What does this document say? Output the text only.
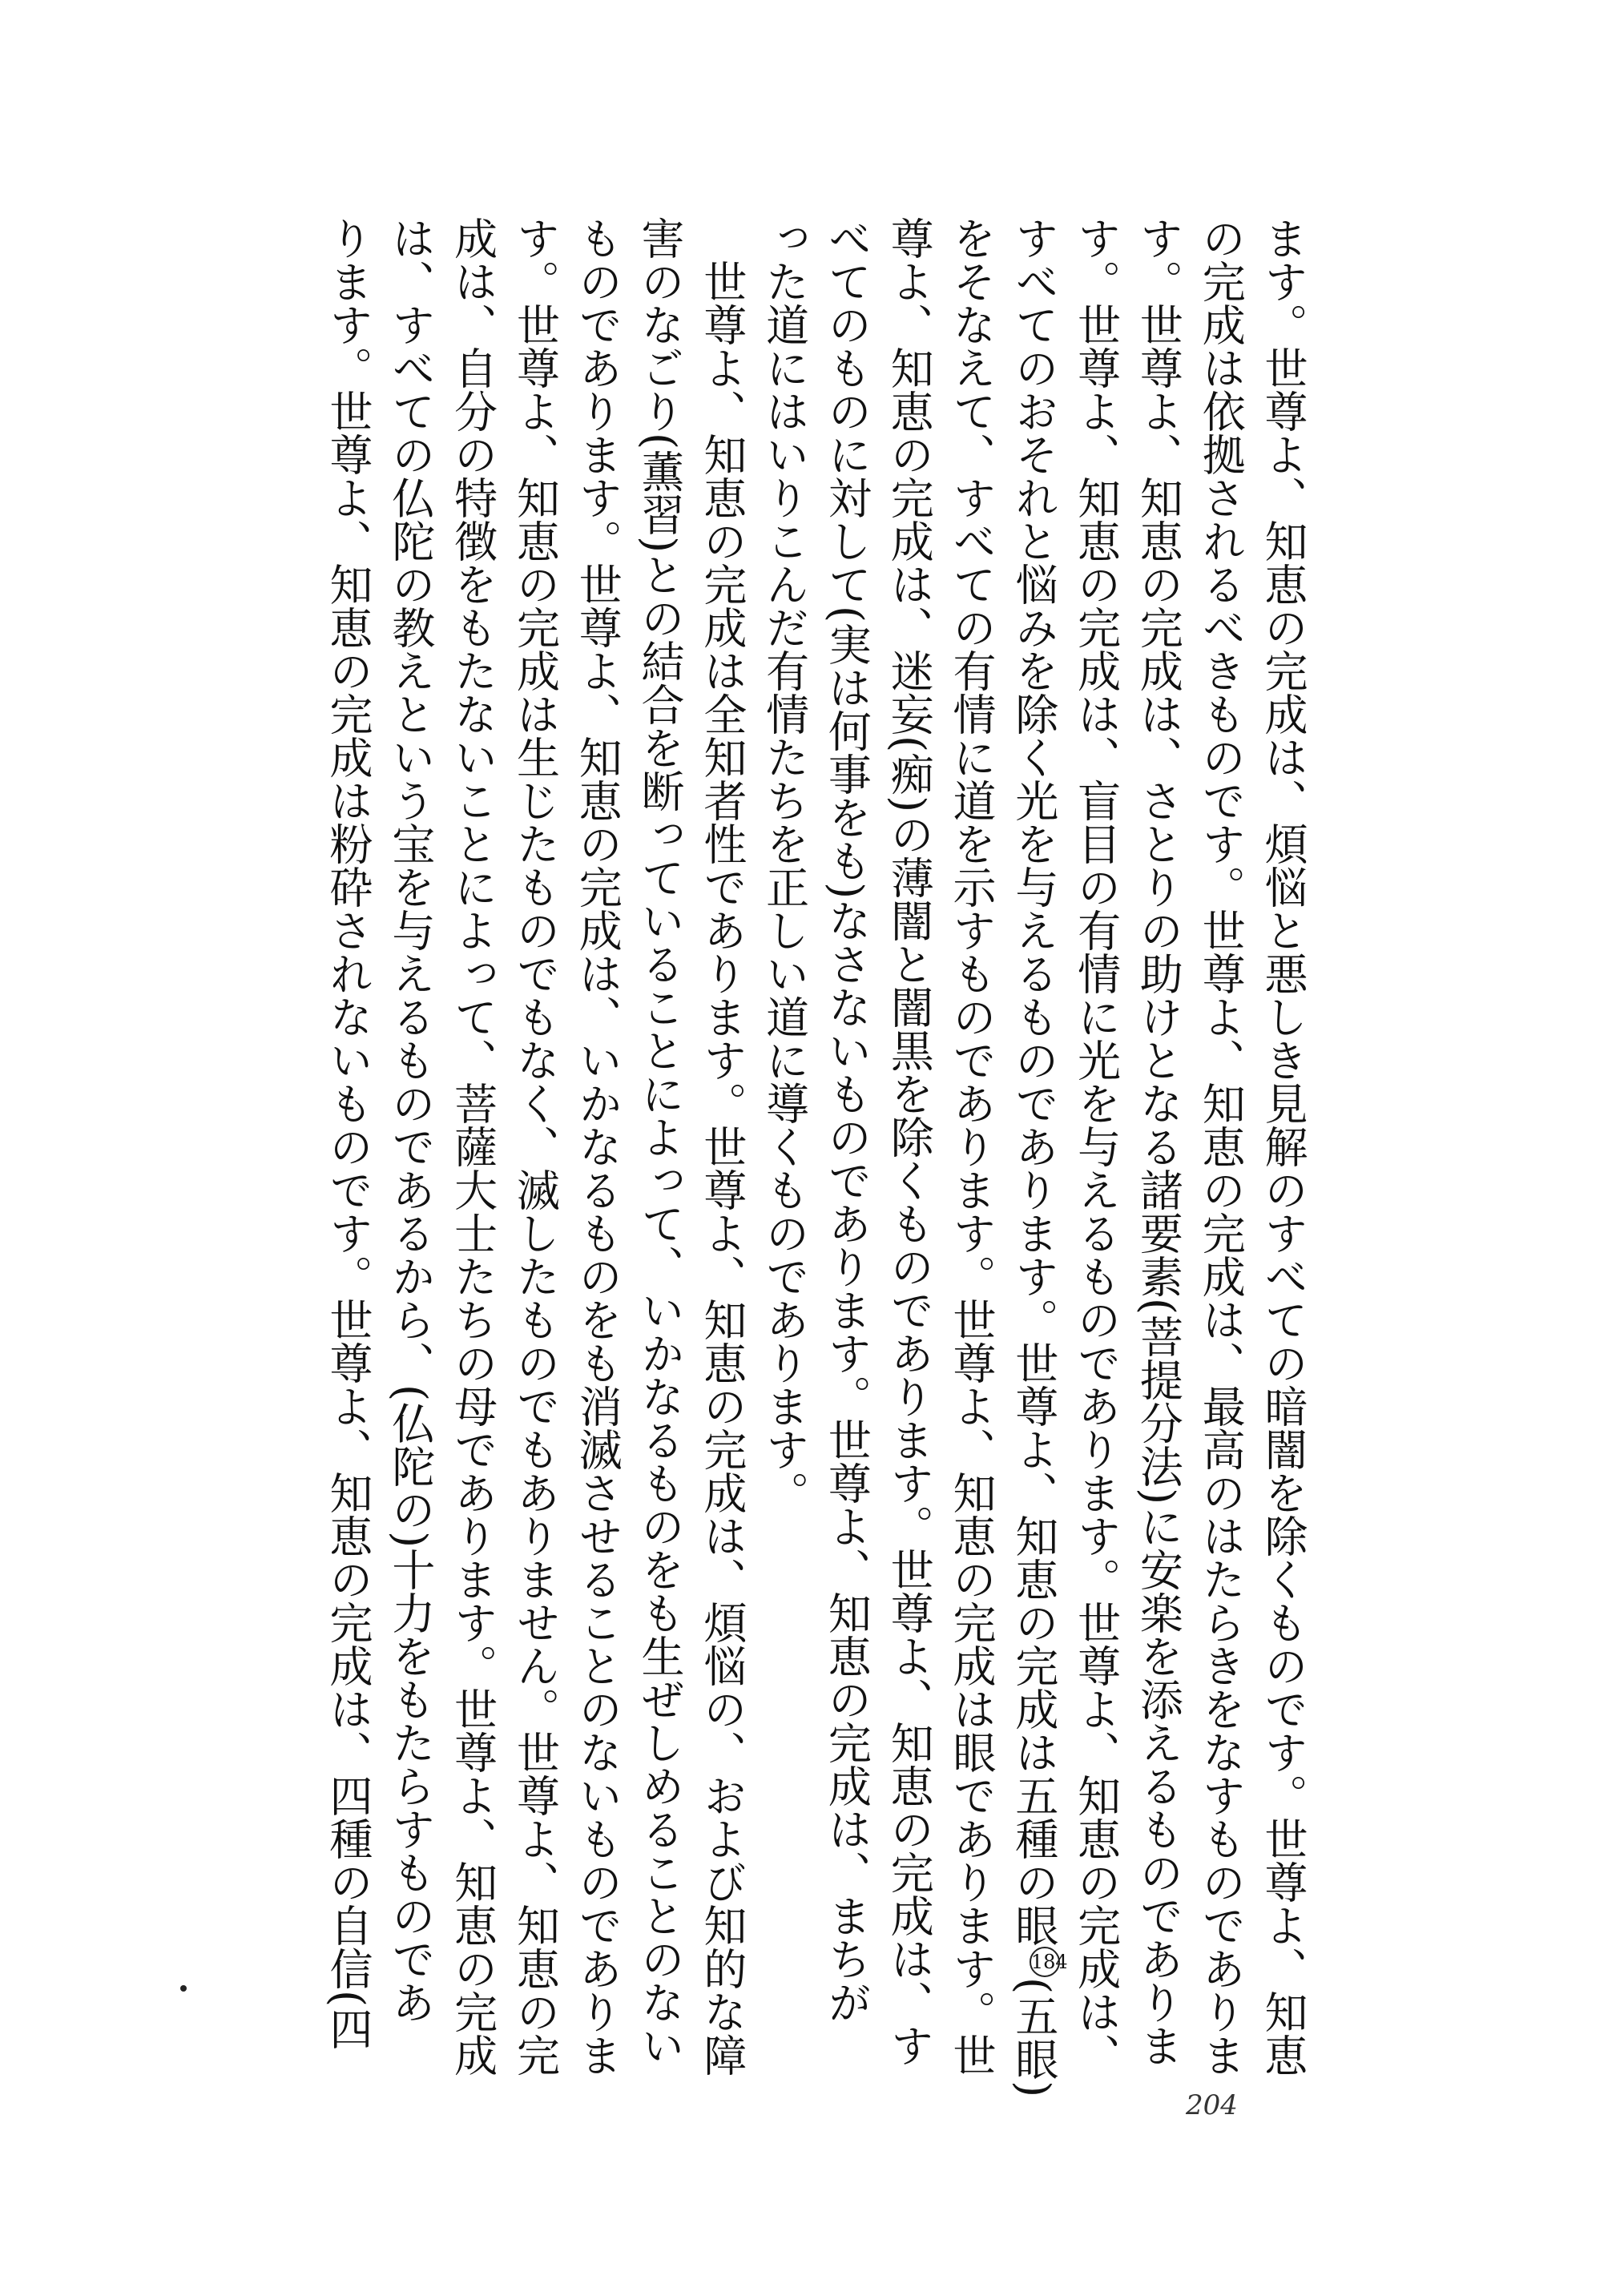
ます。世尊よ、知恵の完成は、煩悩と悪しき見解のすべての暗闇を除くものです。世尊よ、知恵
の完成は依拠されるべきものです。世尊よ、知恵の完成は、最高のはたらきをなすものでありま
す。世尊よ、知恵の完成は、さとりの助けとなる諸要素(菩提分法)に安楽を添えるものでありま
す。世尊よ、知恵の完成は、盲目の有情に光を与えるものであります。世尊よ、知恵の完成は、
すべてのおそれと悩みを除く光を与えるものであります。世尊よ、知恵の完成は五種の眼184(五眼)
をそなえて、すべての有情に道を示すものであります。世尊よ、知恵の完成は眼であります。世
尊よ、知恵の完成は、迷妄(痴)の薄闇と闇黒を除くものであります。世尊よ、知恵の完成は、す
べてのものに対して(実は何事をも)なさないものであります。世尊よ、知恵の完成は、まちが
った道にはいりこんだ有情たちを正しい道に導くものであります。
　世尊よ、知恵の完成は全知者性であります。世尊よ、知恵の完成は、煩悩の、および知的な障
害のなごり(薫習)との結合を断っていることによって、いかなるものをも生ぜしめることのない
ものであります。世尊よ、知恵の完成は、いかなるものをも消滅させることのないものでありま
す。世尊よ、知恵の完成は生じたものでもなく、滅したものでもありません。世尊よ、知恵の完
成は、自分の特徴をもたないことによって、菩薩大士たちの母であります。世尊よ、知恵の完成
は、すべての仏陀の教えという宝を与えるものであるから、(仏陀の)十力をもたらすものであ
ります。世尊よ、知恵の完成は粉砕されないものです。世尊よ、知恵の完成は、四種の自信(四
204
